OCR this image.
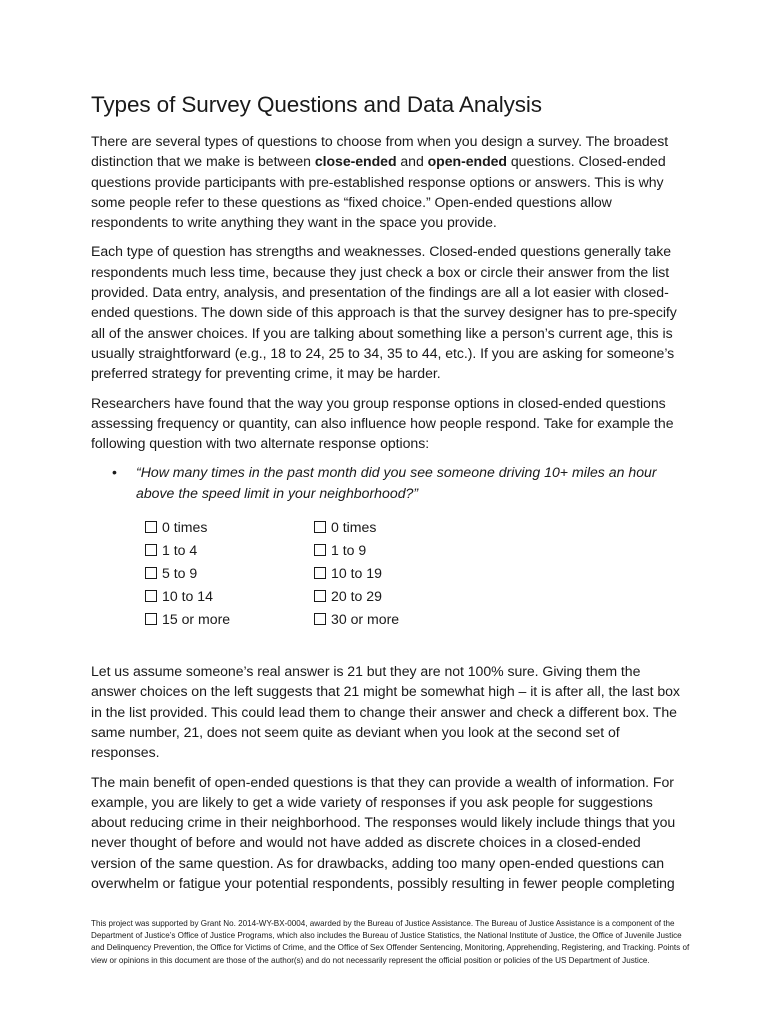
Types of Survey Questions and Data Analysis

There are several types of questions to choose from when you design a survey. The broadest distinction that we make is between close-ended and open-ended questions. Closed-ended questions provide participants with pre-established response options or answers. This is why some people refer to these questions as “fixed choice.” Open-ended questions allow respondents to write anything they want in the space you provide.

Each type of question has strengths and weaknesses. Closed-ended questions generally take respondents much less time, because they just check a box or circle their answer from the list provided. Data entry, analysis, and presentation of the findings are all a lot easier with closed-ended questions. The down side of this approach is that the survey designer has to pre-specify all of the answer choices. If you are talking about something like a person’s current age, this is usually straightforward (e.g., 18 to 24, 25 to 34, 35 to 44, etc.). If you are asking for someone’s preferred strategy for preventing crime, it may be harder.

Researchers have found that the way you group response options in closed-ended questions assessing frequency or quantity, can also influence how people respond. Take for example the following question with two alternate response options:

• “How many times in the past month did you see someone driving 10+ miles an hour above the speed limit in your neighborhood?”
0 times
1 to 4
5 to 9
10 to 14
15 or more
0 times
1 to 9
10 to 19
20 to 29
30 or more

Let us assume someone’s real answer is 21 but they are not 100% sure. Giving them the answer choices on the left suggests that 21 might be somewhat high – it is after all, the last box in the list provided. This could lead them to change their answer and check a different box. The same number, 21, does not seem quite as deviant when you look at the second set of responses.

The main benefit of open-ended questions is that they can provide a wealth of information. For example, you are likely to get a wide variety of responses if you ask people for suggestions about reducing crime in their neighborhood. The responses would likely include things that you never thought of before and would not have added as discrete choices in a closed-ended version of the same question. As for drawbacks, adding too many open-ended questions can overwhelm or fatigue your potential respondents, possibly resulting in fewer people completing

This project was supported by Grant No. 2014-WY-BX-0004, awarded by the Bureau of Justice Assistance. The Bureau of Justice Assistance is a component of the Department of Justice’s Office of Justice Programs, which also includes the Bureau of Justice Statistics, the National Institute of Justice, the Office of Juvenile Justice and Delinquency Prevention, the Office for Victims of Crime, and the Office of Sex Offender Sentencing, Monitoring, Apprehending, Registering, and Tracking. Points of view or opinions in this document are those of the author(s) and do not necessarily represent the official position or policies of the US Department of Justice.
